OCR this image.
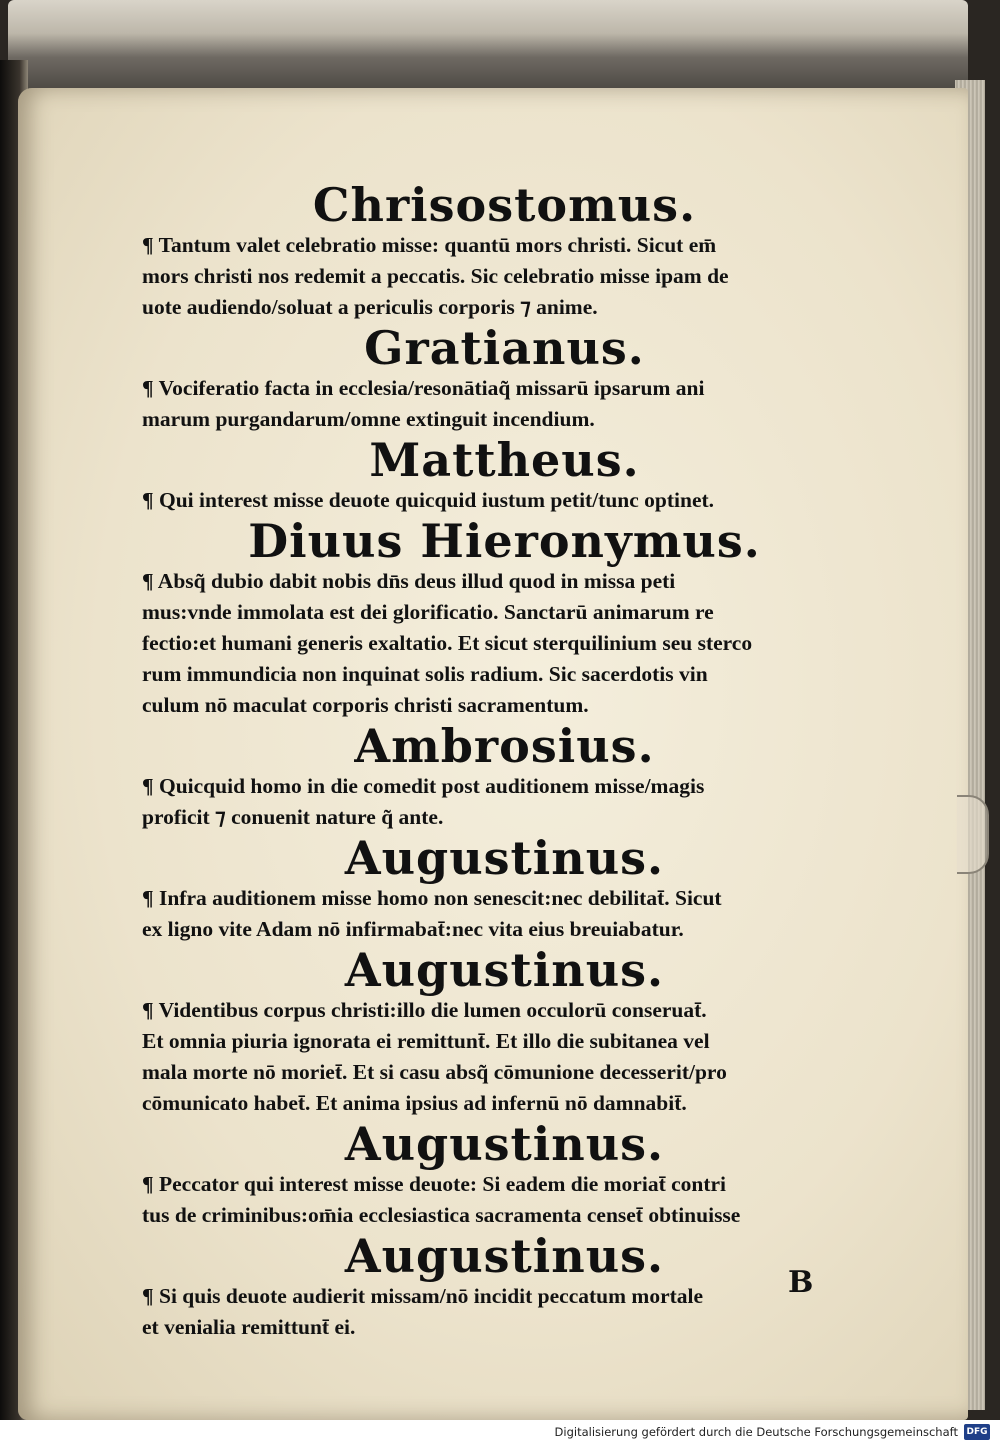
Chrisostomus.

¶ Tantum valet celebratio misse: quantū mors christi. Sicut em̄
mors christi nos redemit a peccatis. Sic celebratio misse ipam de
uote audiendo/soluat a periculis corporis ⁊ anime.

Gratianus.

¶ Vociferatio facta in ecclesia/resonātiaq̃ missarū ipsarum ani
marum purgandarum/omne extinguit incendium.

Mattheus.

¶ Qui interest misse deuote quicquid iustum petit/tunc optinet.

Diuus Hieronymus.

¶ Absq̃ dubio dabit nobis dn̄s deus illud quod in missa peti
mus:vnde immolata est dei glorificatio. Sanctarū animarum re
fectio:et humani generis exaltatio. Et sicut sterquilinium seu sterco
rum immundicia non inquinat solis radium. Sic sacerdotis vin
culum nō maculat corporis christi sacramentum.

Ambrosius.

¶ Quicquid homo in die comedit post auditionem misse/magis
proficit ⁊ conuenit nature q̃ ante.

Augustinus.

¶ Infra auditionem misse homo non senescit:nec debilitat̄. Sicut
ex ligno vite Adam nō infirmabat̄:nec vita eius breuiabatur.

Augustinus.

¶ Videntibus corpus christi:illo die lumen occulorū conseruat̄.
Et omnia piuria ignorata ei remittunt̄. Et illo die subitanea vel
mala morte nō moriet̄. Et si casu absq̃ cōmunione decesserit/pro
cōmunicato habet̄. Et anima ipsius ad infernū nō damnabit̄.

Augustinus.

¶ Peccator qui interest misse deuote: Si eadem die moriat̄ contri
tus de criminibus:om̄ia ecclesiastica sacramenta censet̄ obtinuisse

Augustinus.

¶ Si quis deuote audierit missam/nō incidit peccatum mortale
et venialia remittunt̄ ei.

B
Digitalisierung gefördert durch die Deutsche Forschungsgemeinschaft DFG
